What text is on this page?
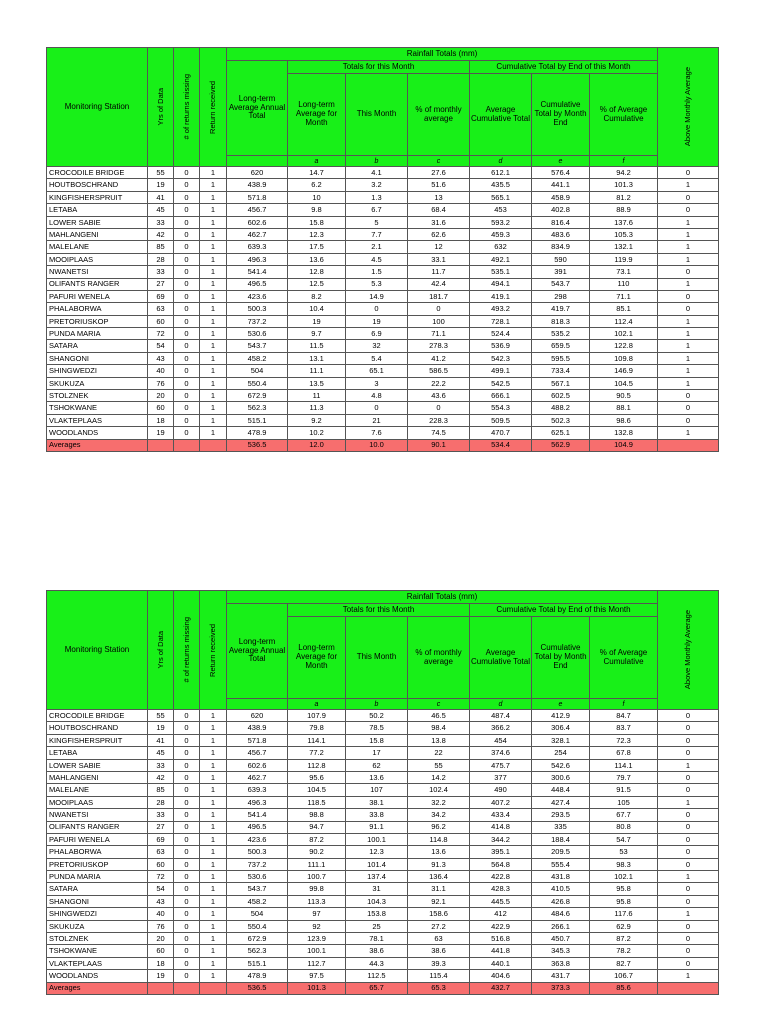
Monitoring Station	Yrs of Data	# of returns missing	Return received	Rainfall Totals (mm)							Above Monthly Average

				Long-term Average Annual Total	Totals for this Month			Cumulative Total by End of this Month			
					Long-term Average for Month	This Month	% of monthly average	Average Cumulative Total	Cumulative Total by Month End	% of Average Cumulative	
					a	b	c	d	e	f	
CROCODILE BRIDGE	55	0	1	620	14.7	4.1	27.6	612.1	576.4	94.2	0
HOUTBOSCHRAND	19	0	1	438.9	6.2	3.2	51.6	435.5	441.1	101.3	1
KINGFISHERSPRUIT	41	0	1	571.8	10	1.3	13	565.1	458.9	81.2	0
LETABA	45	0	1	456.7	9.8	6.7	68.4	453	402.8	88.9	0
LOWER SABIE	33	0	1	602.6	15.8	5	31.6	593.2	816.4	137.6	1
MAHLANGENI	42	0	1	462.7	12.3	7.7	62.6	459.3	483.6	105.3	1
MALELANE	85	0	1	639.3	17.5	2.1	12	632	834.9	132.1	1
MOOIPLAAS	28	0	1	496.3	13.6	4.5	33.1	492.1	590	119.9	1
NWANETSI	33	0	1	541.4	12.8	1.5	11.7	535.1	391	73.1	0
OLIFANTS RANGER	27	0	1	496.5	12.5	5.3	42.4	494.1	543.7	110	1
PAFURI WENELA	69	0	1	423.6	8.2	14.9	181.7	419.1	298	71.1	0
PHALABORWA	63	0	1	500.3	10.4	0	0	493.2	419.7	85.1	0
PRETORIUSKOP	60	0	1	737.2	19	19	100	728.1	818.3	112.4	1
PUNDA MARIA	72	0	1	530.6	9.7	6.9	71.1	524.4	535.2	102.1	1
SATARA	54	0	1	543.7	11.5	32	278.3	536.9	659.5	122.8	1
SHANGONI	43	0	1	458.2	13.1	5.4	41.2	542.3	595.5	109.8	1
SHINGWEDZI	40	0	1	504	11.1	65.1	586.5	499.1	733.4	146.9	1
SKUKUZA	76	0	1	550.4	13.5	3	22.2	542.5	567.1	104.5	1
STOLZNEK	20	0	1	672.9	11	4.8	43.6	666.1	602.5	90.5	0
TSHOKWANE	60	0	1	562.3	11.3	0	0	554.3	488.2	88.1	0
VLAKTEPLAAS	18	0	1	515.1	9.2	21	228.3	509.5	502.3	98.6	0
WOODLANDS	19	0	1	478.9	10.2	7.6	74.5	470.7	625.1	132.8	1
Averages				536.5	12.0	10.0	90.1	534.4	562.9	104.9	
Monitoring Station	Yrs of Data	# of returns missing	Return received	Rainfall Totals (mm)							Above Monthly Average

				Long-term Average Annual Total	Totals for this Month			Cumulative Total by End of this Month			
					Long-term Average for Month	This Month	% of monthly average	Average Cumulative Total	Cumulative Total by Month End	% of Average Cumulative	
					a	b	c	d	e	f	
CROCODILE BRIDGE	55	0	1	620	107.9	50.2	46.5	487.4	412.9	84.7	0
HOUTBOSCHRAND	19	0	1	438.9	79.8	78.5	98.4	366.2	306.4	83.7	0
KINGFISHERSPRUIT	41	0	1	571.8	114.1	15.8	13.8	454	328.1	72.3	0
LETABA	45	0	1	456.7	77.2	17	22	374.6	254	67.8	0
LOWER SABIE	33	0	1	602.6	112.8	62	55	475.7	542.6	114.1	1
MAHLANGENI	42	0	1	462.7	95.6	13.6	14.2	377	300.6	79.7	0
MALELANE	85	0	1	639.3	104.5	107	102.4	490	448.4	91.5	0
MOOIPLAAS	28	0	1	496.3	118.5	38.1	32.2	407.2	427.4	105	1
NWANETSI	33	0	1	541.4	98.8	33.8	34.2	433.4	293.5	67.7	0
OLIFANTS RANGER	27	0	1	496.5	94.7	91.1	96.2	414.8	335	80.8	0
PAFURI WENELA	69	0	1	423.6	87.2	100.1	114.8	344.2	188.4	54.7	0
PHALABORWA	63	0	1	500.3	90.2	12.3	13.6	395.1	209.5	53	0
PRETORIUSKOP	60	0	1	737.2	111.1	101.4	91.3	564.8	555.4	98.3	0
PUNDA MARIA	72	0	1	530.6	100.7	137.4	136.4	422.8	431.8	102.1	1
SATARA	54	0	1	543.7	99.8	31	31.1	428.3	410.5	95.8	0
SHANGONI	43	0	1	458.2	113.3	104.3	92.1	445.5	426.8	95.8	0
SHINGWEDZI	40	0	1	504	97	153.8	158.6	412	484.6	117.6	1
SKUKUZA	76	0	1	550.4	92	25	27.2	422.9	266.1	62.9	0
STOLZNEK	20	0	1	672.9	123.9	78.1	63	516.8	450.7	87.2	0
TSHOKWANE	60	0	1	562.3	100.1	38.6	38.6	441.8	345.3	78.2	0
VLAKTEPLAAS	18	0	1	515.1	112.7	44.3	39.3	440.1	363.8	82.7	0
WOODLANDS	19	0	1	478.9	97.5	112.5	115.4	404.6	431.7	106.7	1
Averages				536.5	101.3	65.7	65.3	432.7	373.3	85.6	
